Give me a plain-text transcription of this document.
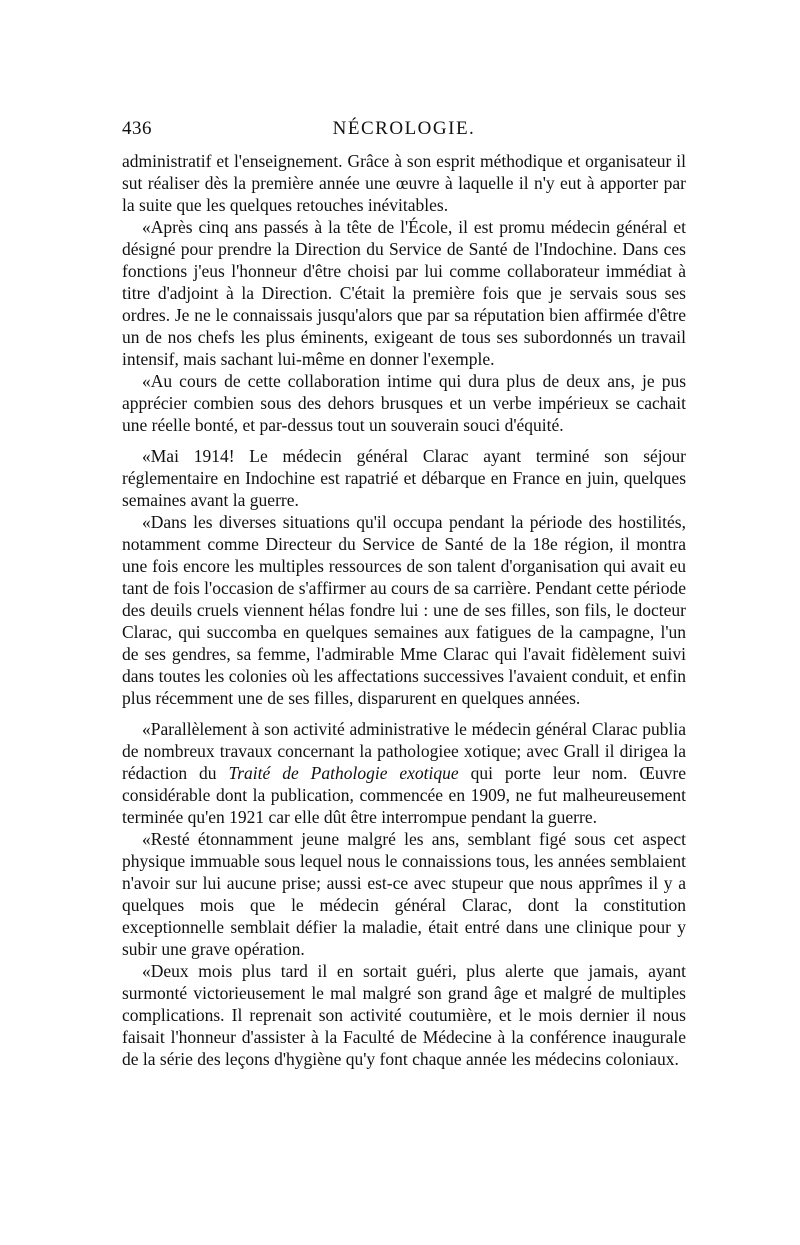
436	NÉCROLOGIE.

administratif et l'enseignement. Grâce à son esprit méthodique et organisateur il sut réaliser dès la première année une œuvre à laquelle il n'y eut à apporter par la suite que les quelques retouches inévitables.

«Après cinq ans passés à la tête de l'École, il est promu médecin général et désigné pour prendre la Direction du Service de Santé de l'Indochine. Dans ces fonctions j'eus l'honneur d'être choisi par lui comme collaborateur immédiat à titre d'adjoint à la Direction. C'était la première fois que je servais sous ses ordres. Je ne le connaissais jusqu'alors que par sa réputation bien affirmée d'être un de nos chefs les plus éminents, exigeant de tous ses subordonnés un travail intensif, mais sachant lui-même en donner l'exemple.

«Au cours de cette collaboration intime qui dura plus de deux ans, je pus apprécier combien sous des dehors brusques et un verbe impérieux se cachait une réelle bonté, et par-dessus tout un souverain souci d'équité.

«Mai 1914! Le médecin général Clarac ayant terminé son séjour réglementaire en Indochine est rapatrié et débarque en France en juin, quelques semaines avant la guerre.

«Dans les diverses situations qu'il occupa pendant la période des hostilités, notamment comme Directeur du Service de Santé de la 18e région, il montra une fois encore les multiples ressources de son talent d'organisation qui avait eu tant de fois l'occasion de s'affirmer au cours de sa carrière. Pendant cette période des deuils cruels viennent hélas fondre lui : une de ses filles, son fils, le docteur Clarac, qui succomba en quelques semaines aux fatigues de la campagne, l'un de ses gendres, sa femme, l'admirable Mme Clarac qui l'avait fidèlement suivi dans toutes les colonies où les affectations successives l'avaient conduit, et enfin plus récemment une de ses filles, disparurent en quelques années.

«Parallèlement à son activité administrative le médecin général Clarac publia de nombreux travaux concernant la pathologiee xotique; avec Grall il dirigea la rédaction du Traité de Pathologie exotique qui porte leur nom. Œuvre considérable dont la publication, commencée en 1909, ne fut malheureusement terminée qu'en 1921 car elle dût être interrompue pendant la guerre.

«Resté étonnamment jeune malgré les ans, semblant figé sous cet aspect physique immuable sous lequel nous le connaissions tous, les années semblaient n'avoir sur lui aucune prise; aussi est-ce avec stupeur que nous apprîmes il y a quelques mois que le médecin général Clarac, dont la constitution exceptionnelle semblait défier la maladie, était entré dans une clinique pour y subir une grave opération.

«Deux mois plus tard il en sortait guéri, plus alerte que jamais, ayant surmonté victorieusement le mal malgré son grand âge et malgré de multiples complications. Il reprenait son activité coutumière, et le mois dernier il nous faisait l'honneur d'assister à la Faculté de Médecine à la conférence inaugurale de la série des leçons d'hygiène qu'y font chaque année les médecins coloniaux.
